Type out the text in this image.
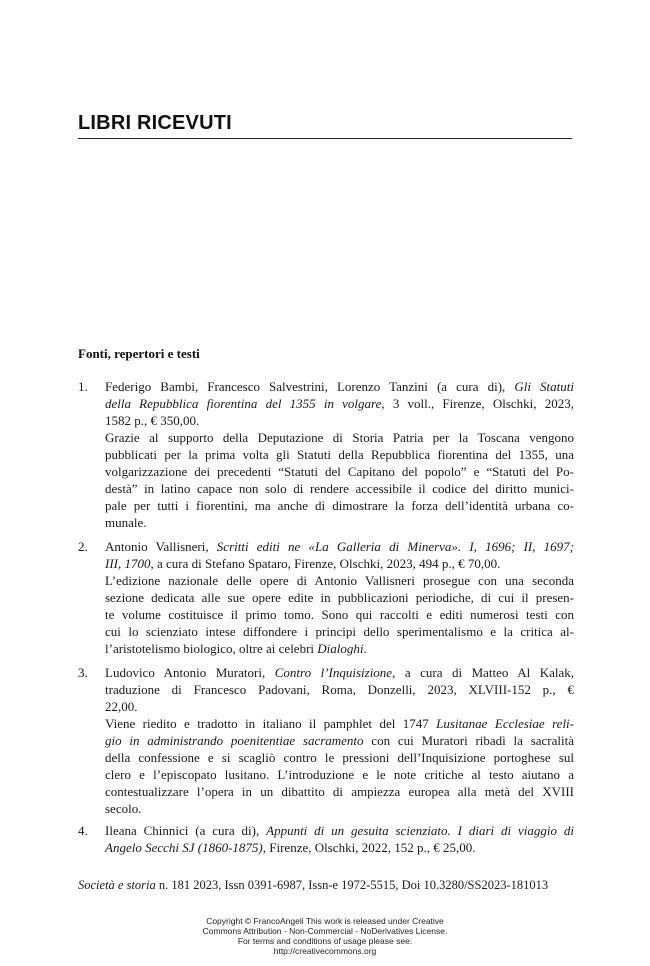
LIBRI RICEVUTI
Fonti, repertori e testi
1. Federigo Bambi, Francesco Salvestrini, Lorenzo Tanzini (a cura di), Gli Statuti
della Repubblica fiorentina del 1355 in volgare, 3 voll., Firenze, Olschki, 2023,
1582 p., € 350,00.
Grazie al supporto della Deputazione di Storia Patria per la Toscana vengono
pubblicati per la prima volta gli Statuti della Repubblica fiorentina del 1355, una
volgarizzazione dei precedenti “Statuti del Capitano del popolo” e “Statuti del Po-
destà” in latino capace non solo di rendere accessibile il codice del diritto munici-
pale per tutti i fiorentini, ma anche di dimostrare la forza dell’identità urbana co-
munale.
2. Antonio Vallisneri, Scritti editi ne «La Galleria di Minerva». I, 1696; II, 1697;
III, 1700, a cura di Stefano Spataro, Firenze, Olschki, 2023, 494 p., € 70,00.
L’edizione nazionale delle opere di Antonio Vallisneri prosegue con una seconda
sezione dedicata alle sue opere edite in pubblicazioni periodiche, di cui il presen-
te volume costituisce il primo tomo. Sono qui raccolti e editi numerosi testi con
cui lo scienziato intese diffondere i principi dello sperimentalismo e la critica al-
l’aristotelismo biologico, oltre ai celebri Dialoghi.
3. Ludovico Antonio Muratori, Contro l’Inquisizione, a cura di Matteo Al Kalak,
traduzione di Francesco Padovani, Roma, Donzelli, 2023, XLVIII-152 p., €
22,00.
Viene riedito e tradotto in italiano il pamphlet del 1747 Lusitanae Ecclesiae reli-
gio in administrando poenitentiae sacramento con cui Muratori ribadì la sacralità
della confessione e si scagliò contro le pressioni dell’Inquisizione portoghese sul
clero e l’episcopato lusitano. L’introduzione e le note critiche al testo aiutano a
contestualizzare l’opera in un dibattito di ampiezza europea alla metà del XVIII
secolo.
4. Ileana Chinnici (a cura di), Appunti di un gesuita scienziato. I diari di viaggio di
Angelo Secchi SJ (1860-1875), Firenze, Olschki, 2022, 152 p., € 25,00.
Società e storia n. 181 2023, Issn 0391-6987, Issn-e 1972-5515, Doi 10.3280/SS2023-181013
Copyright © FrancoAngeli This work is released under Creative
Commons Attribution - Non-Commercial - NoDerivatives License.
For terms and conditions of usage please see:
http://creativecommons.org
